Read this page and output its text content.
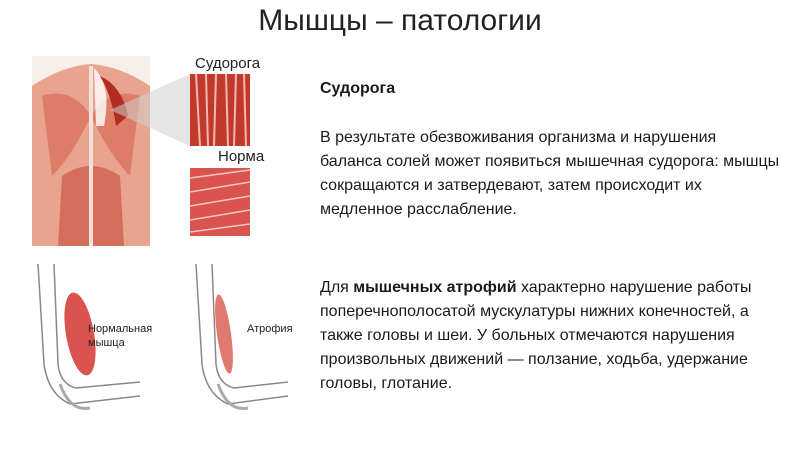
Мышцы – патологии
Судорога
Норма
Нормальная мышца
Атрофия
Судорога

В результате обезвоживания организма и нарушения баланса солей может появиться мышечная судорога: мышцы сокращаются и затвердевают, затем происходит их медленное расслабление.

Для мышечных атрофий характерно нарушение работы поперечнополосатой мускулатуры нижних конечностей, а также головы и шеи. У больных отмечаются нарушения произвольных движений — ползание, ходьба, удержание головы, глотание.
